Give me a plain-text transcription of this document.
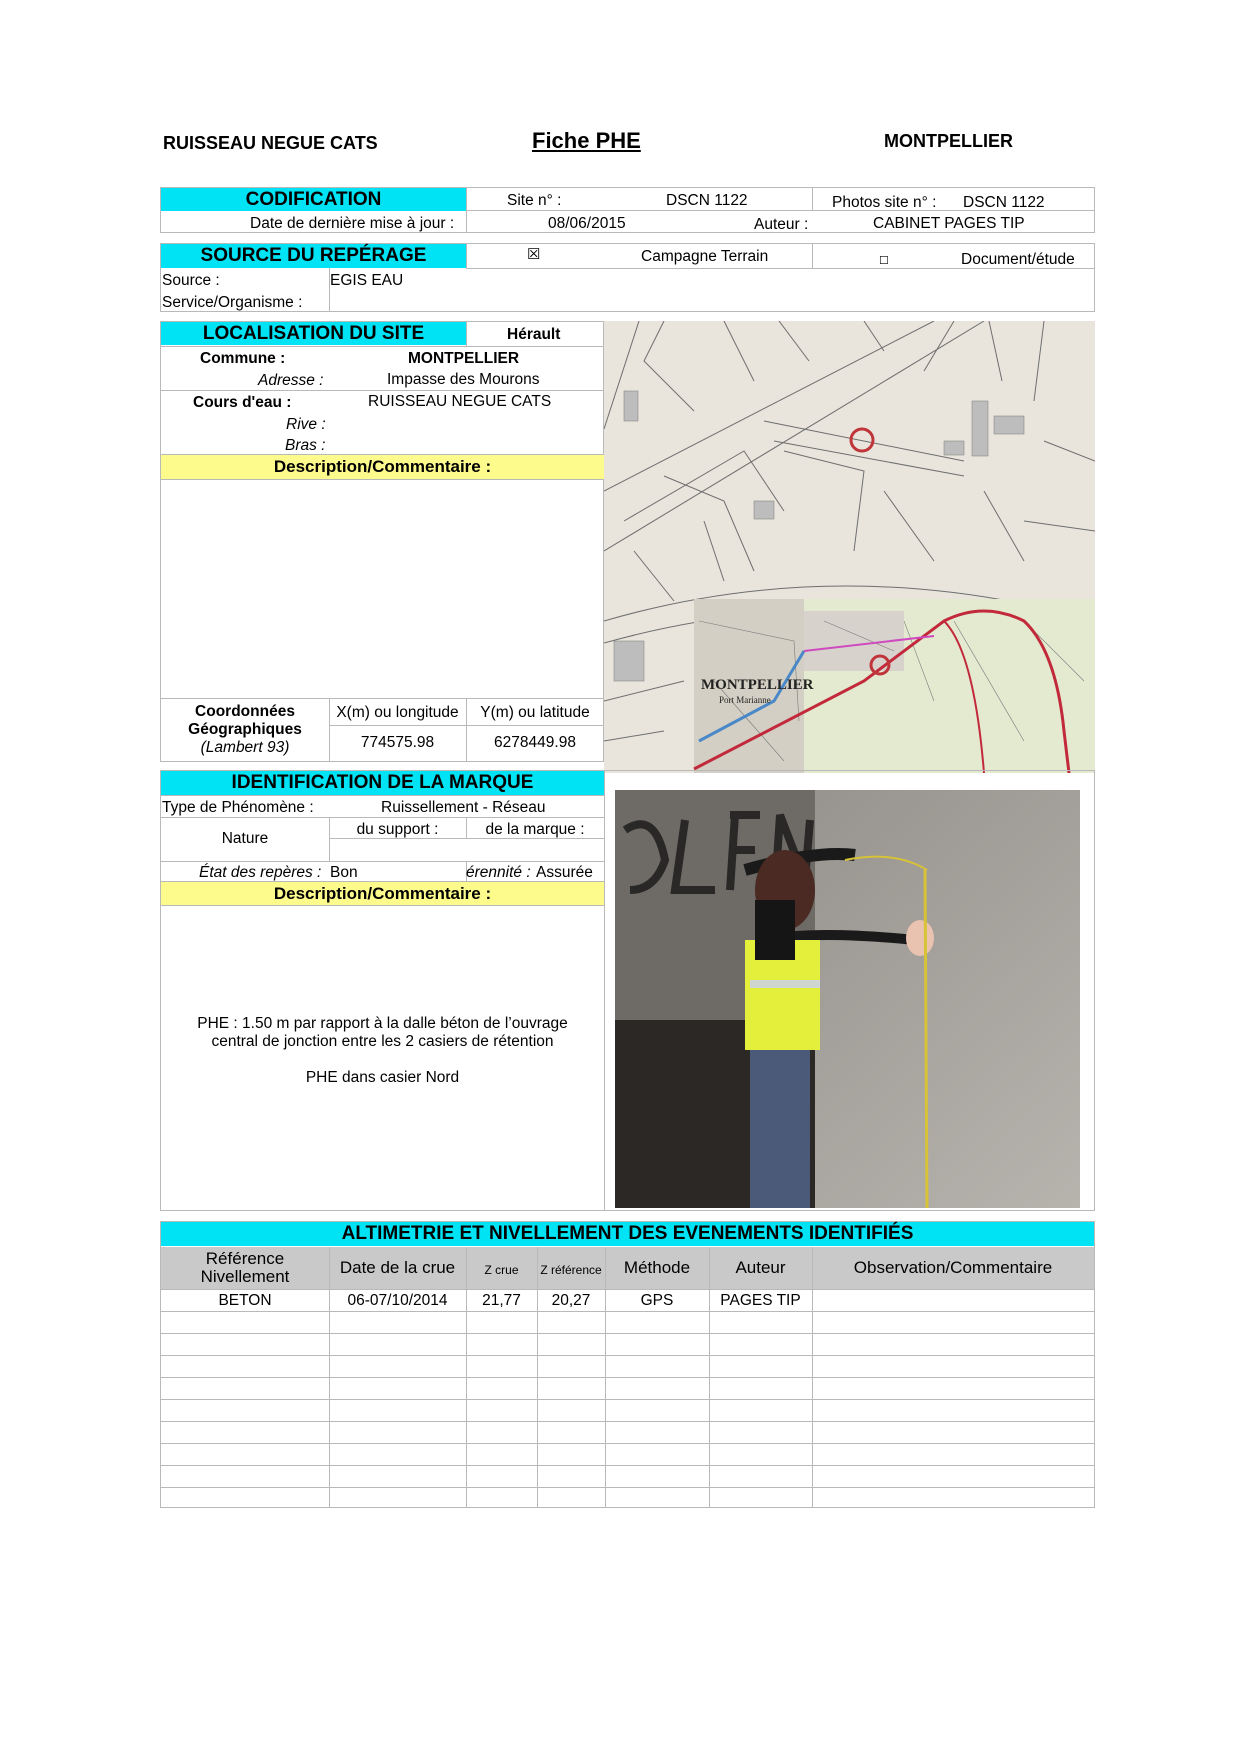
RUISSEAU NEGUE CATS	Fiche PHE	MONTPELLIER
CODIFICATION	Site n° :	DSCN 1122	Photos site n° : DSCN 1122
Date de dernière mise à jour :	08/06/2015	Auteur :	CABINET PAGES TIP
SOURCE DU REPÉRAGE	☒	Campagne Terrain	☐	Document/étude
Source :	EGIS EAU
Service/Organisme :
LOCALISATION DU SITE	Hérault
Commune :	MONTPELLIER
Adresse :	Impasse des Mourons
Cours d'eau :	RUISSEAU NEGUE CATS
Rive :
Bras :
Description/Commentaire :
Coordonnées
Géographiques
(Lambert 93)
X(m) ou longitude	Y(m) ou latitude
774575.98	6278449.98
MONTPELLIER
Port Marianne
IDENTIFICATION DE LA MARQUE
Type de Phénomène :	Ruissellement - Réseau
Nature
du support :	de la marque :
État des repères : Bon	érennité : Assurée
Description/Commentaire :
PHE : 1.50 m par rapport à la dalle béton de l’ouvrage
central de jonction entre les 2 casiers de rétention
PHE dans casier Nord
ALTIMETRIE ET NIVELLEMENT DES EVENEMENTS IDENTIFIÉS
Référence Nivellement	Date de la crue	Z crue	Z référence	Méthode	Auteur	Observation/Commentaire
BETON	06-07/10/2014	21,77	20,27	GPS	PAGES TIP
